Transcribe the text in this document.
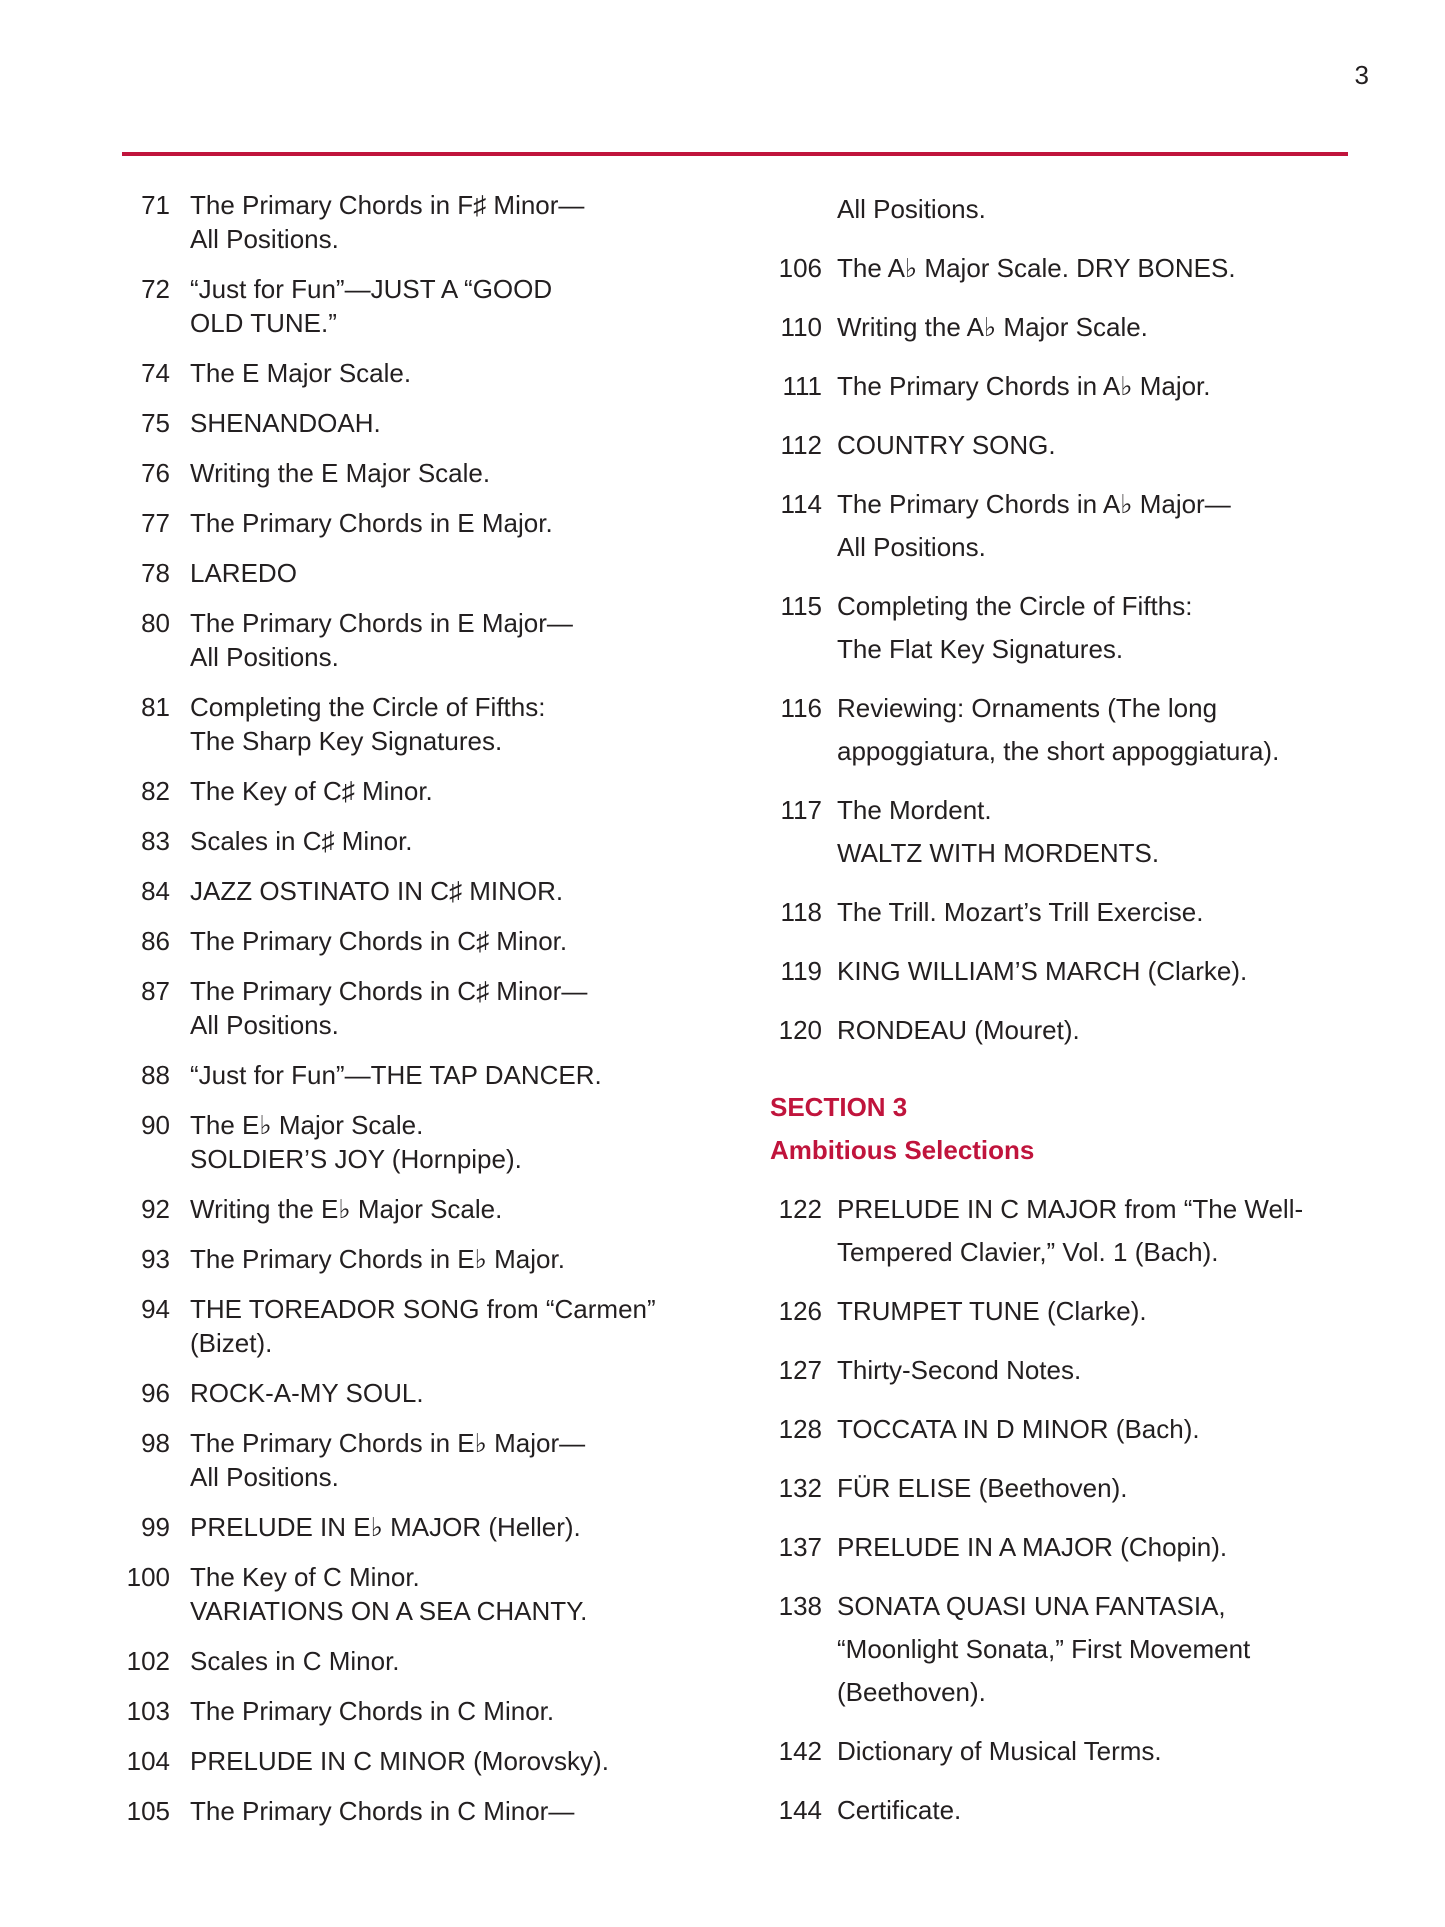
3
71 The Primary Chords in F♯ Minor—
All Positions.
72 “Just for Fun”—JUST A “GOOD
OLD TUNE.”
74 The E Major Scale.
75 SHENANDOAH.
76 Writing the E Major Scale.
77 The Primary Chords in E Major.
78 LAREDO
80 The Primary Chords in E Major—
All Positions.
81 Completing the Circle of Fifths:
The Sharp Key Signatures.
82 The Key of C♯ Minor.
83 Scales in C♯ Minor.
84 JAZZ OSTINATO IN C♯ MINOR.
86 The Primary Chords in C♯ Minor.
87 The Primary Chords in C♯ Minor—
All Positions.
88 “Just for Fun”—THE TAP DANCER.
90 The E♭ Major Scale.
SOLDIER’S JOY (Hornpipe).
92 Writing the E♭ Major Scale.
93 The Primary Chords in E♭ Major.
94 THE TOREADOR SONG from “Carmen”
(Bizet).
96 ROCK-A-MY SOUL.
98 The Primary Chords in E♭ Major—
All Positions.
99 PRELUDE IN E♭ MAJOR (Heller).
100 The Key of C Minor.
VARIATIONS ON A SEA CHANTY.
102 Scales in C Minor.
103 The Primary Chords in C Minor.
104 PRELUDE IN C MINOR (Morovsky).
105 The Primary Chords in C Minor—
All Positions.
106 The A♭ Major Scale. DRY BONES.
110 Writing the A♭ Major Scale.
111 The Primary Chords in A♭ Major.
112 COUNTRY SONG.
114 The Primary Chords in A♭ Major—
All Positions.
115 Completing the Circle of Fifths:
The Flat Key Signatures.
116 Reviewing: Ornaments (The long
appoggiatura, the short appoggiatura).
117 The Mordent.
WALTZ WITH MORDENTS.
118 The Trill. Mozart’s Trill Exercise.
119 KING WILLIAM’S MARCH (Clarke).
120 RONDEAU (Mouret).
SECTION 3
Ambitious Selections
122 PRELUDE IN C MAJOR from “The Well-
Tempered Clavier,” Vol. 1 (Bach).
126 TRUMPET TUNE (Clarke).
127 Thirty-Second Notes.
128 TOCCATA IN D MINOR (Bach).
132 FÜR ELISE (Beethoven).
137 PRELUDE IN A MAJOR (Chopin).
138 SONATA QUASI UNA FANTASIA,
“Moonlight Sonata,” First Movement
(Beethoven).
142 Dictionary of Musical Terms.
144 Certificate.
